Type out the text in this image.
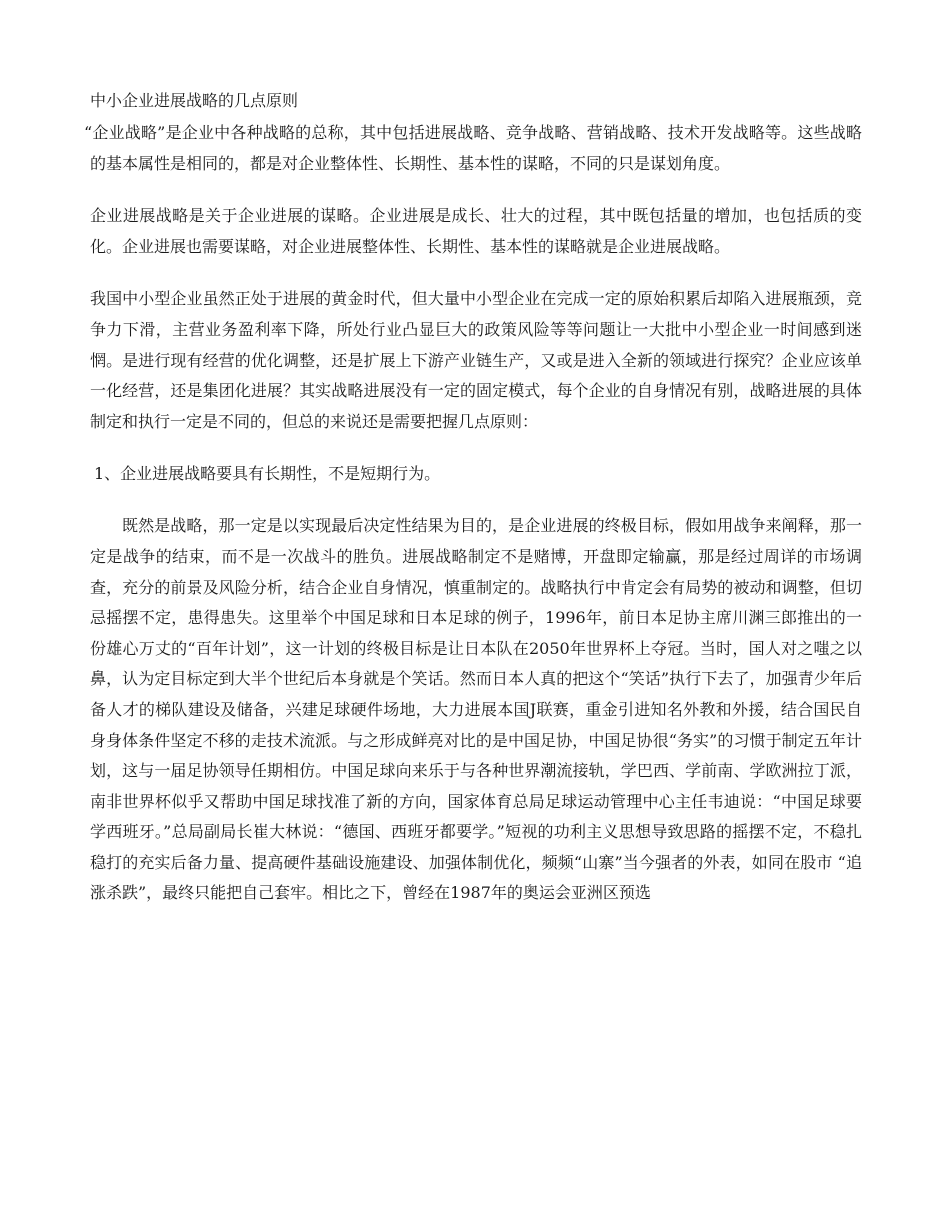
中小企业进展战略的几点原则

“企业战略”是企业中各种战略的总称，其中包括进展战略、竞争战略、营销战略、技术开发战略等。这些战略的基本属性是相同的，都是对企业整体性、长期性、基本性的谋略，不同的只是谋划角度。

企业进展战略是关于企业进展的谋略。企业进展是成长、壮大的过程，其中既包括量的增加，也包括质的变化。企业进展也需要谋略，对企业进展整体性、长期性、基本性的谋略就是企业进展战略。

我国中小型企业虽然正处于进展的黄金时代，但大量中小型企业在完成一定的原始积累后却陷入进展瓶颈，竞争力下滑，主营业务盈利率下降，所处行业凸显巨大的政策风险等等问题让一大批中小型企业一时间感到迷惘。是进行现有经营的优化调整，还是扩展上下游产业链生产，又或是进入全新的领域进行探究？企业应该单一化经营，还是集团化进展？其实战略进展没有一定的固定模式，每个企业的自身情况有别，战略进展的具体制定和执行一定是不同的，但总的来说还是需要把握几点原则：

1、企业进展战略要具有长期性，不是短期行为。

既然是战略，那一定是以实现最后决定性结果为目的，是企业进展的终极目标，假如用战争来阐释，那一定是战争的结束，而不是一次战斗的胜负。进展战略制定不是赌博，开盘即定输赢，那是经过周详的市场调查，充分的前景及风险分析，结合企业自身情况，慎重制定的。战略执行中肯定会有局势的被动和调整，但切忌摇摆不定，患得患失。这里举个中国足球和日本足球的例子，1996年，前日本足协主席川渊三郎推出的一份雄心万丈的“百年计划”，这一计划的终极目标是让日本队在2050年世界杯上夺冠。当时，国人对之嗤之以鼻，认为定目标定到大半个世纪后本身就是个笑话。然而日本人真的把这个“笑话”执行下去了，加强青少年后备人才的梯队建设及储备，兴建足球硬件场地，大力进展本国J联赛，重金引进知名外教和外援，结合国民自身身体条件坚定不移的走技术流派。与之形成鲜亮对比的是中国足协，中国足协很“务实”的习惯于制定五年计划，这与一届足协领导任期相仿。中国足球向来乐于与各种世界潮流接轨，学巴西、学前南、学欧洲拉丁派，南非世界杯似乎又帮助中国足球找准了新的方向，国家体育总局足球运动管理中心主任韦迪说：“中国足球要学西班牙。”总局副局长崔大林说：“德国、西班牙都要学。”短视的功利主义思想导致思路的摇摆不定，不稳扎稳打的充实后备力量、提高硬件基础设施建设、加强体制优化，频频“山寨”当今强者的外表，如同在股市 “追涨杀跌”，最终只能把自己套牢。相比之下，曾经在1987年的奥运会亚洲区预选
